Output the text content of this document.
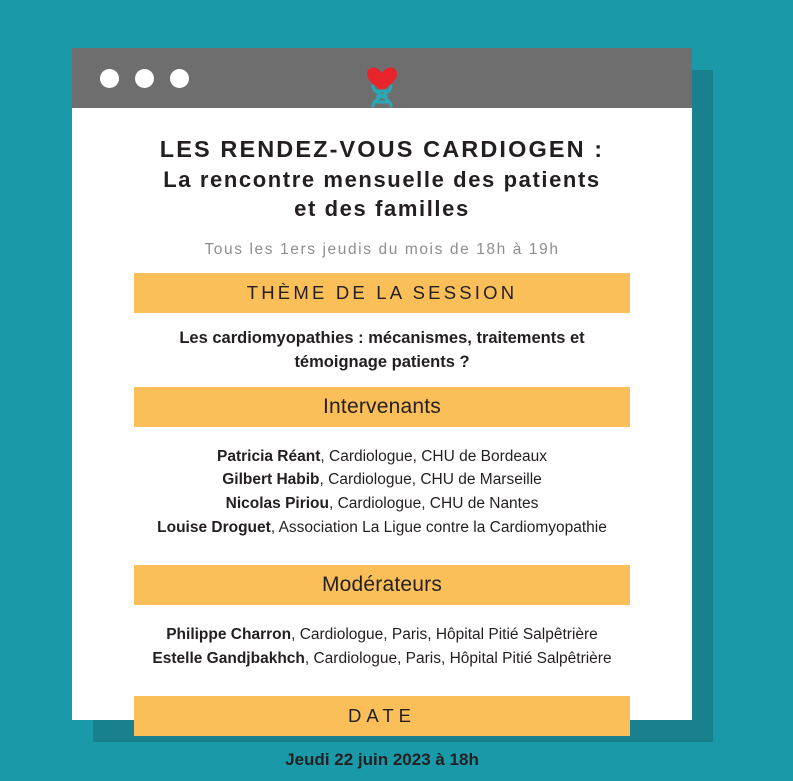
LES RENDEZ-VOUS CARDIOGEN :
La rencontre mensuelle des patients
et des familles
Tous les 1ers jeudis du mois de 18h à 19h
THÈME DE LA SESSION
Les cardiomyopathies : mécanismes, traitements et
témoignage patients ?
Intervenants
Patricia Réant, Cardiologue, CHU de Bordeaux
Gilbert Habib, Cardiologue, CHU de Marseille
Nicolas Piriou, Cardiologue, CHU de Nantes
Louise Droguet, Association La Ligue contre la Cardiomyopathie
Modérateurs
Philippe Charron, Cardiologue, Paris, Hôpital Pitié Salpêtrière
Estelle Gandjbakhch, Cardiologue, Paris, Hôpital Pitié Salpêtrière
DATE
Jeudi 22 juin 2023 à 18h
